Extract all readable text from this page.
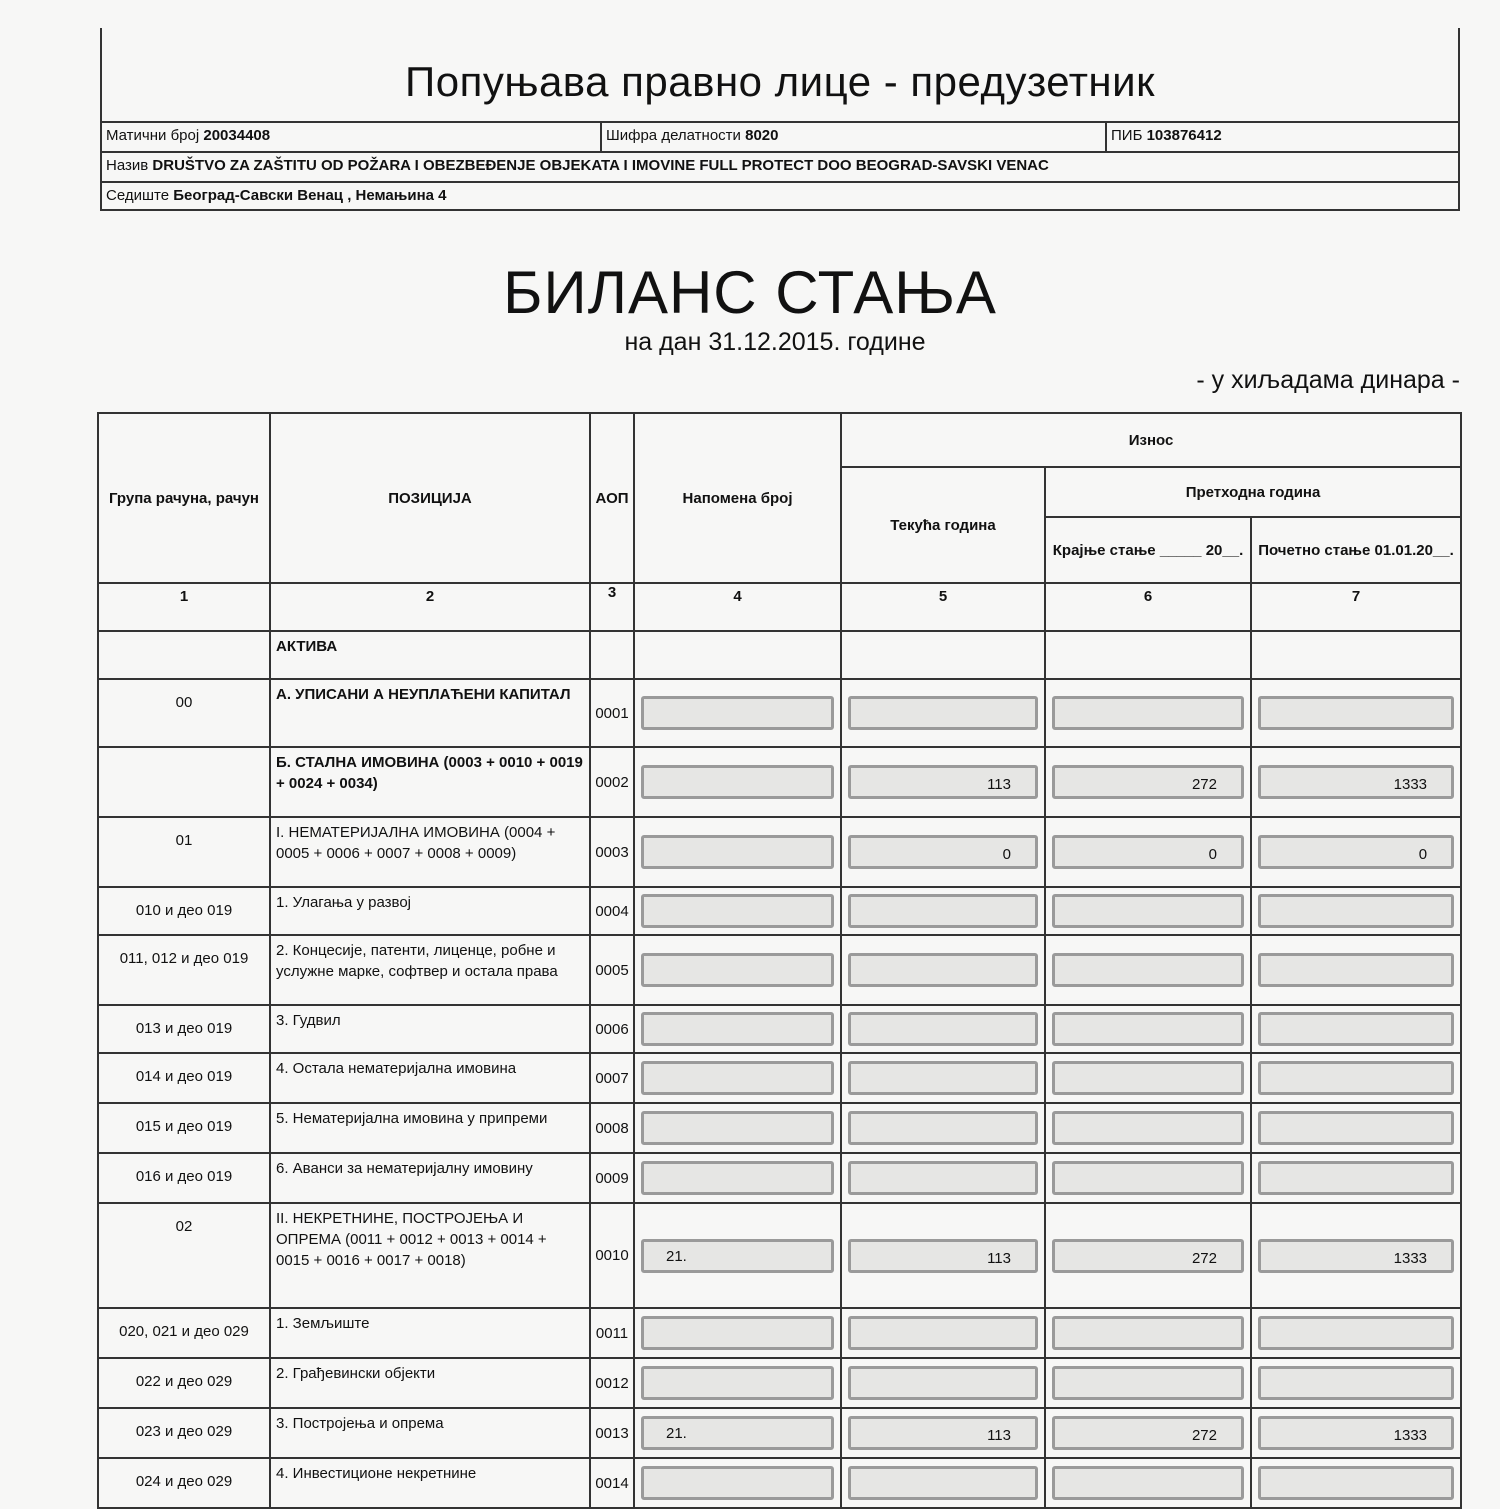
Попуњава правно лице - предузетник
Матични број 20034408	Шифра делатности 8020	ПИБ 103876412
Назив DRUŠTVO ZA ZAŠTITU OD POŽARA I OBEZBEĐENJE OBJEKATA I IMOVINE FULL PROTECT DOO BEOGRAD-SAVSKI VENAC
Седиште Београд-Савски Венац , Немањина 4
БИЛАНС СТАЊА
на дан 31.12.2015. године
- у хиљадама динара -
Група рачуна, рачун	ПОЗИЦИЈА	АОП	Напомена број	Износ		
				Текућа година	Претходна година	
					Крајње стање _____ 20__.	Почетно стање 01.01.20__.
1	2	3	4	5	6	7
	АКТИВА					
00	А. УПИСАНИ А НЕУПЛАЋЕНИ КАПИТАЛ	0001	

	Б. СТАЛНА ИМОВИНА (0003 + 0010 + 0019 + 0024 + 0034)	0002		113	272	1333

01	I. НЕМАТЕРИЈАЛНА ИМОВИНА (0004 + 0005 + 0006 + 0007 + 0008 + 0009)	0003		0	0	0

010 и део 019	1. Улагања у развој	0004	

011, 012 и део 019	2. Концесије, патенти, лиценце, робне и услужне марке, софтвер и остала права	0005	

013 и део 019	3. Гудвил	0006	

014 и део 019	4. Остала нематеријална имовина	0007	

015 и део 019	5. Нематеријална имовина у припреми	0008	

016 и део 019	6. Аванси за нематеријалну имовину	0009	

02	II. НЕКРЕТНИНЕ, ПОСТРОЈЕЊА И ОПРЕМА (0011 + 0012 + 0013 + 0014 + 0015 + 0016 + 0017 + 0018)	0010	21.	113	272	1333

020, 021 и део 029	1. Земљиште	0011	

022 и део 029	2. Грађевински објекти	0012	

023 и део 029	3. Постројења и опрема	0013	21.	113	272	1333

024 и део 029	4. Инвестиционе некретнине	0014	
